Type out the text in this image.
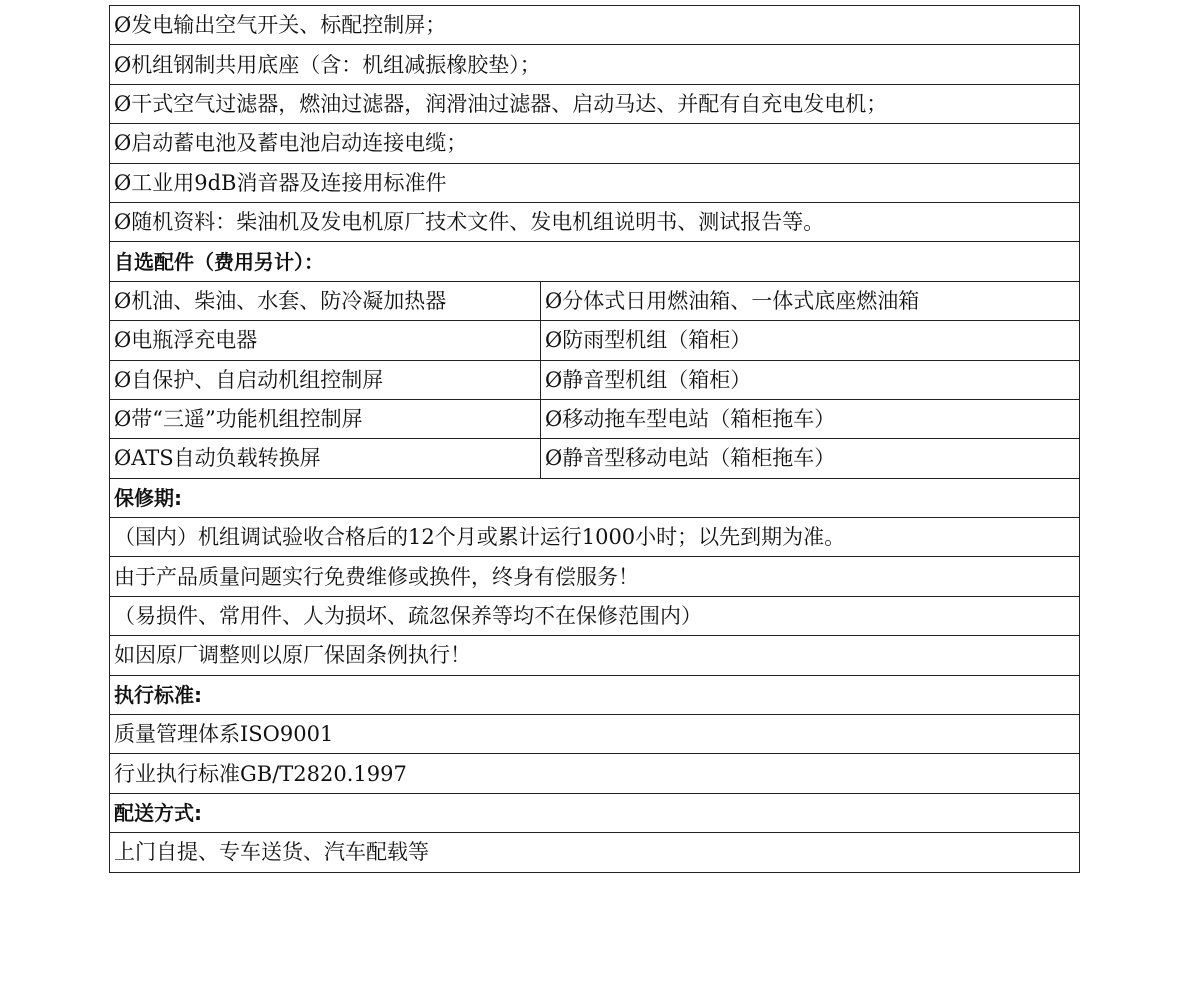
Ø发电输出空气开关、标配控制屏；	
Ø机组钢制共用底座（含：机组减振橡胶垫）；	
Ø干式空气过滤器，燃油过滤器，润滑油过滤器、启动马达、并配有自充电发电机；	
Ø启动蓄电池及蓄电池启动连接电缆；	
Ø工业用9dB消音器及连接用标准件	
Ø随机资料：柴油机及发电机原厂技术文件、发电机组说明书、测试报告等。	
自选配件（费用另计）：	
Ø机油、柴油、水套、防冷凝加热器	Ø分体式日用燃油箱、一体式底座燃油箱
Ø电瓶浮充电器	Ø防雨型机组（箱柜）
Ø自保护、自启动机组控制屏	Ø静音型机组（箱柜）
Ø带“三遥”功能机组控制屏	Ø移动拖车型电站（箱柜拖车）
ØATS自动负载转换屏	Ø静音型移动电站（箱柜拖车）
保修期:	
（国内）机组调试验收合格后的12个月或累计运行1000小时；以先到期为准。	
由于产品质量问题实行免费维修或换件，终身有偿服务！	
（易损件、常用件、人为损坏、疏忽保养等均不在保修范围内）	
如因原厂调整则以原厂保固条例执行！	
执行标准:	
质量管理体系ISO9001	
行业执行标准GB/T2820.1997	
配送方式:	
上门自提、专车送货、汽车配载等	
